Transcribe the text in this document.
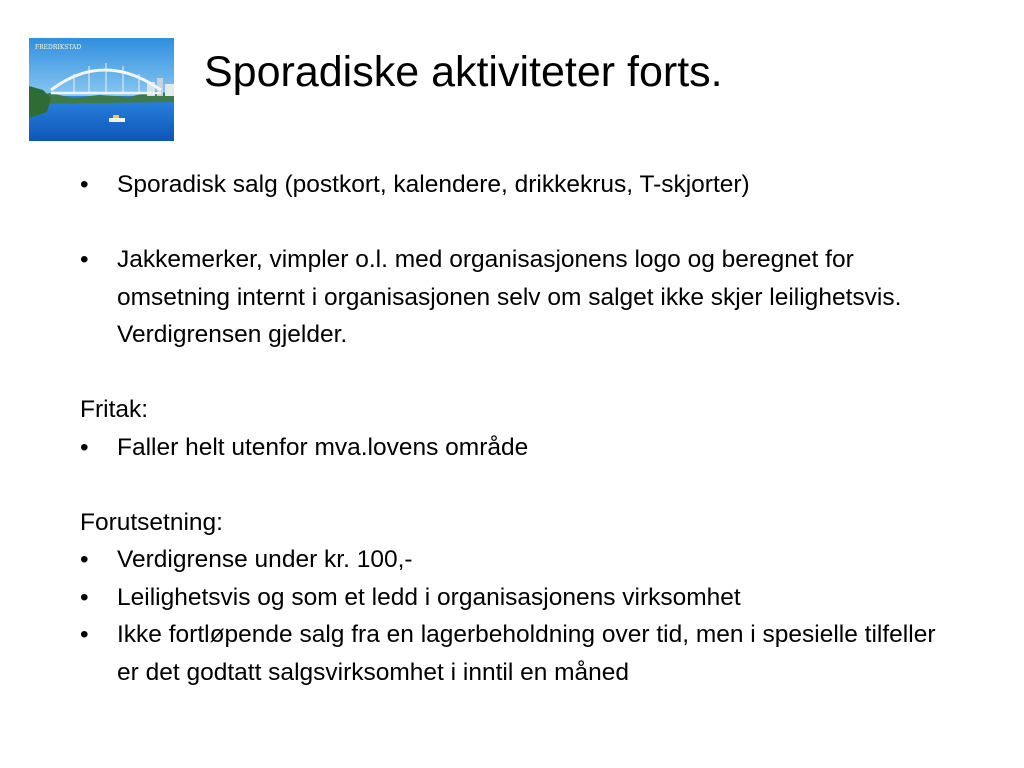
FREDRIKSTAD
Sporadiske aktiviteter forts.
• Sporadisk salg (postkort, kalendere, drikkekrus, T-skjorter)
• Jakkemerker, vimpler o.l. med organisasjonens logo og beregnet for omsetning internt i organisasjonen selv om salget ikke skjer leilighetsvis. Verdigrensen gjelder.
Fritak:
• Faller helt utenfor mva.lovens område
Forutsetning:
• Verdigrense under kr. 100,-
• Leilighetsvis og som et ledd i organisasjonens virksomhet
• Ikke fortløpende salg fra en lagerbeholdning over tid, men i spesielle tilfeller er det godtatt salgsvirksomhet i inntil en måned
